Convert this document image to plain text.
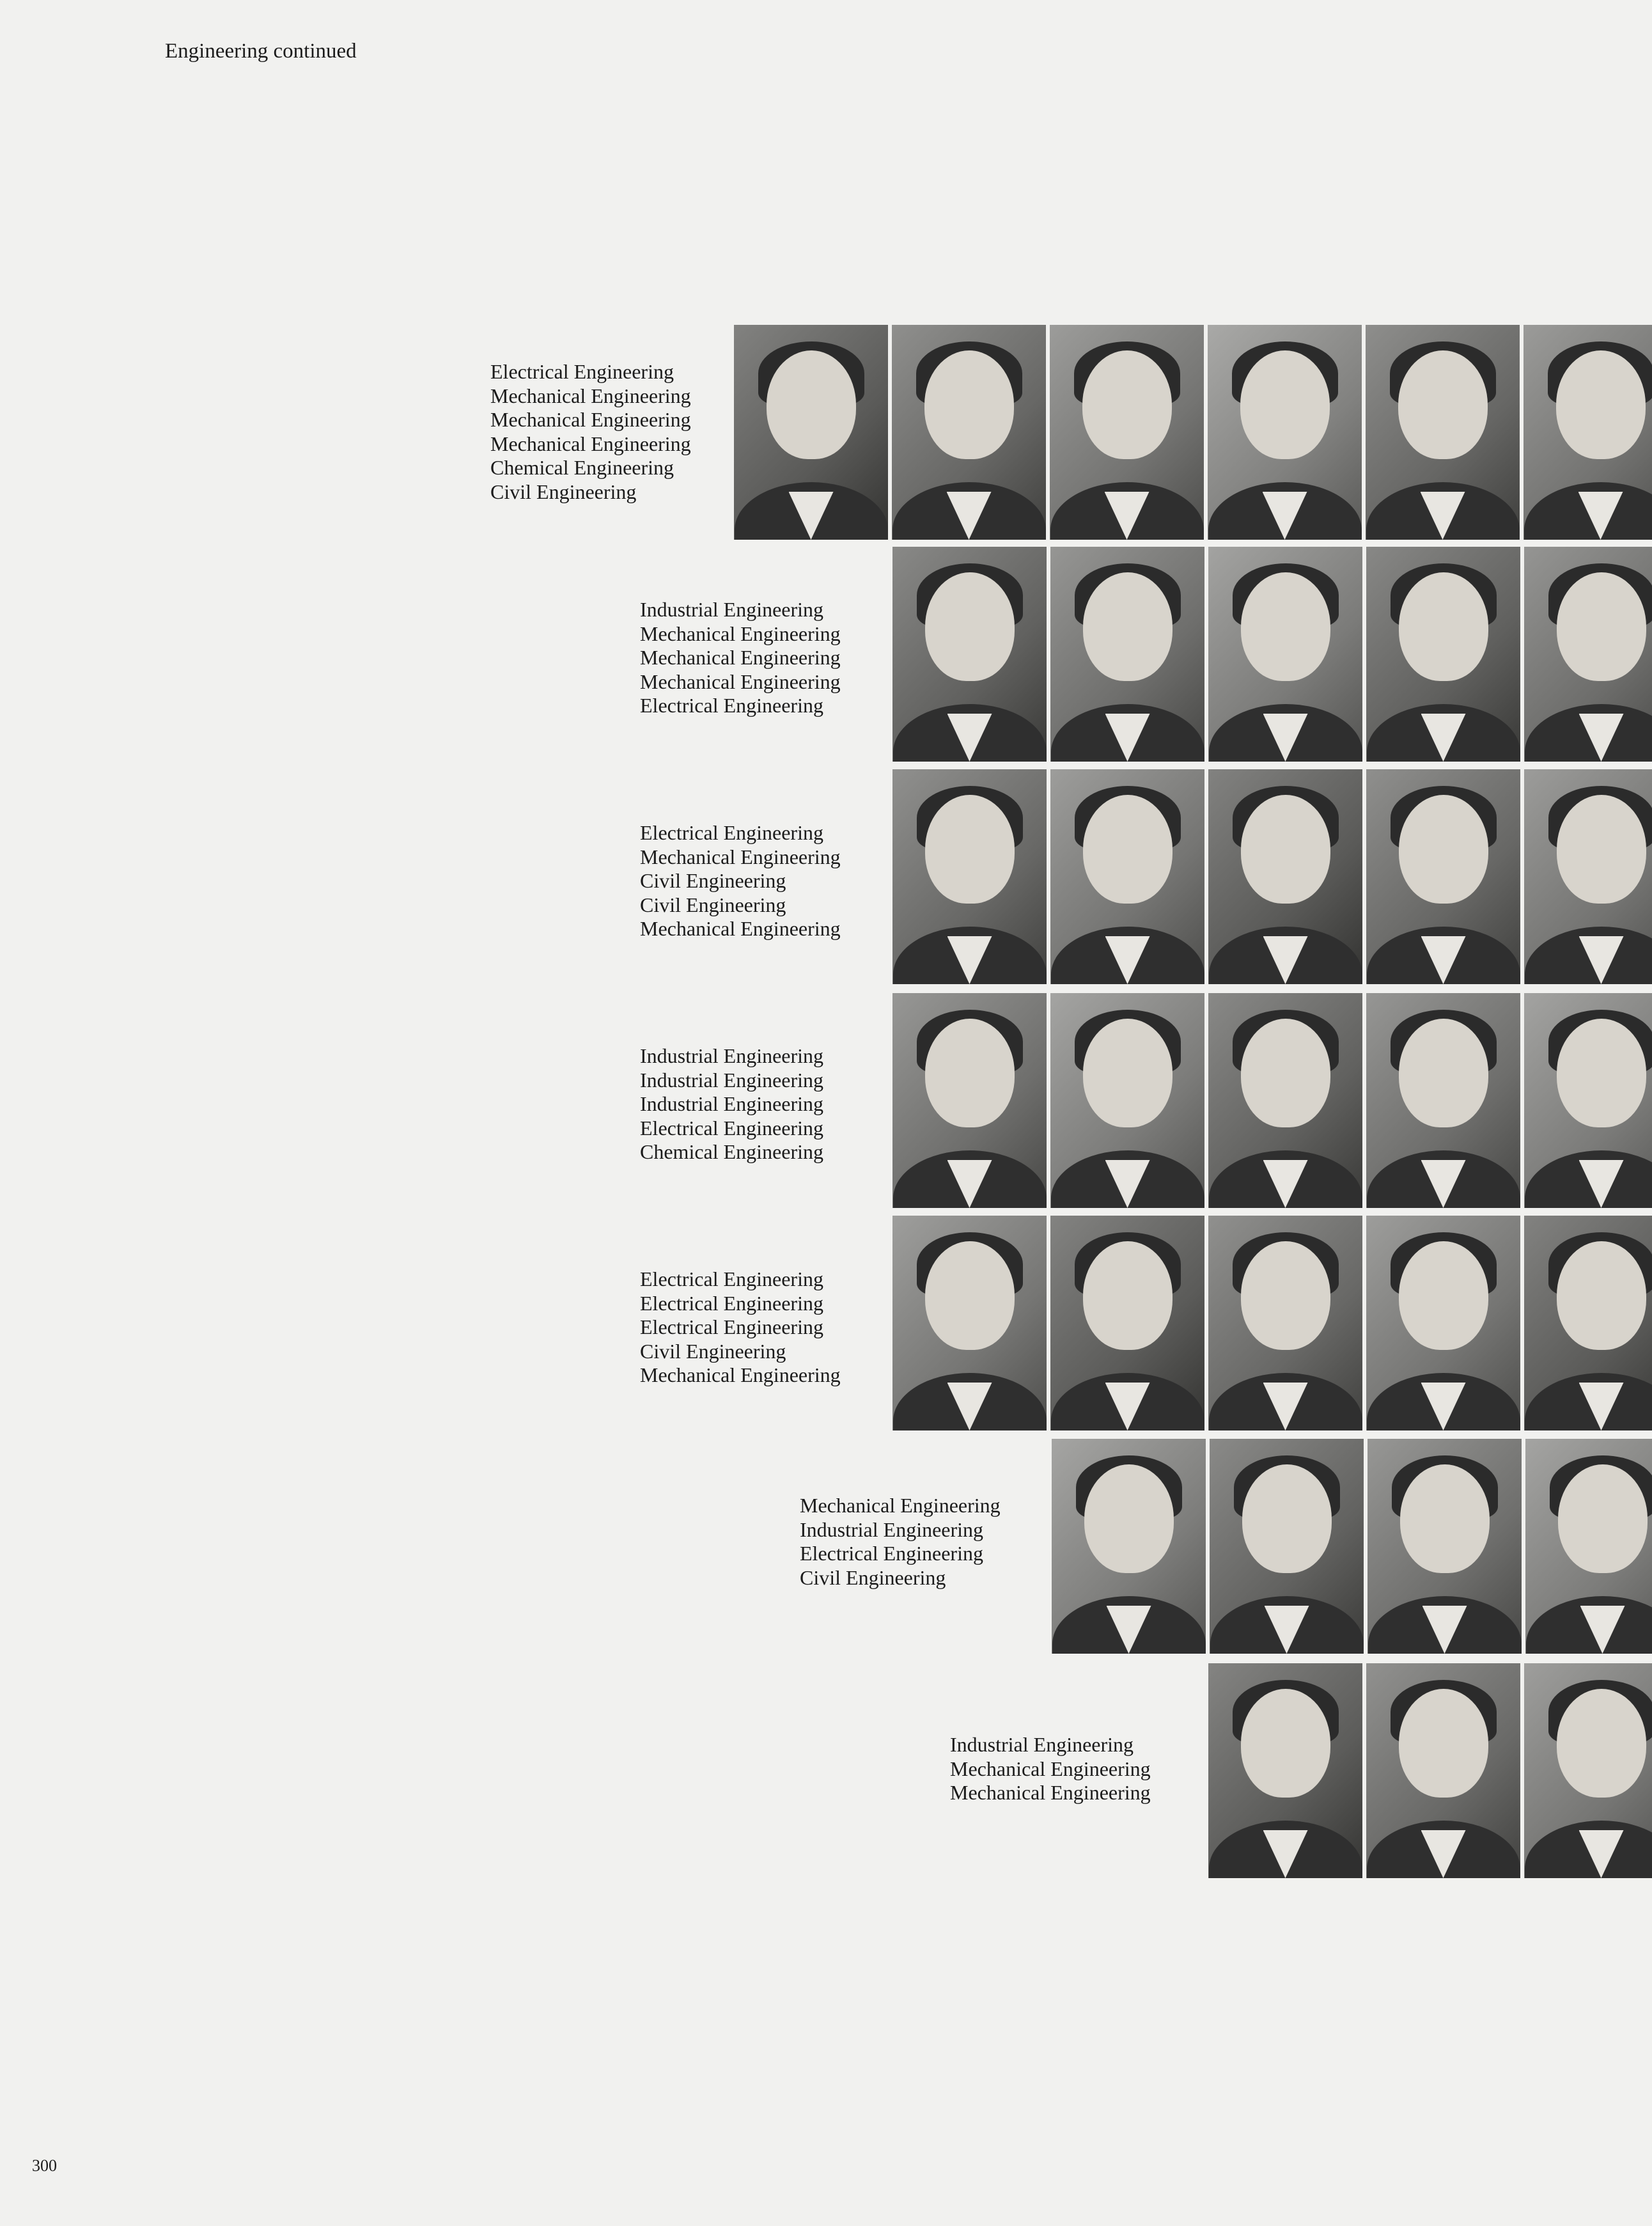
Engineering continued
Electrical Engineering
Mechanical Engineering
Mechanical Engineering
Mechanical Engineering
Chemical Engineering
Civil Engineering
Industrial Engineering
Mechanical Engineering
Mechanical Engineering
Mechanical Engineering
Electrical Engineering
Electrical Engineering
Mechanical Engineering
Civil Engineering
Civil Engineering
Mechanical Engineering
Industrial Engineering
Industrial Engineering
Industrial Engineering
Electrical Engineering
Chemical Engineering
Electrical Engineering
Electrical Engineering
Electrical Engineering
Civil Engineering
Mechanical Engineering
Mechanical Engineering
Industrial Engineering
Electrical Engineering
Civil Engineering
Industrial Engineering
Mechanical Engineering
Mechanical Engineering
300
